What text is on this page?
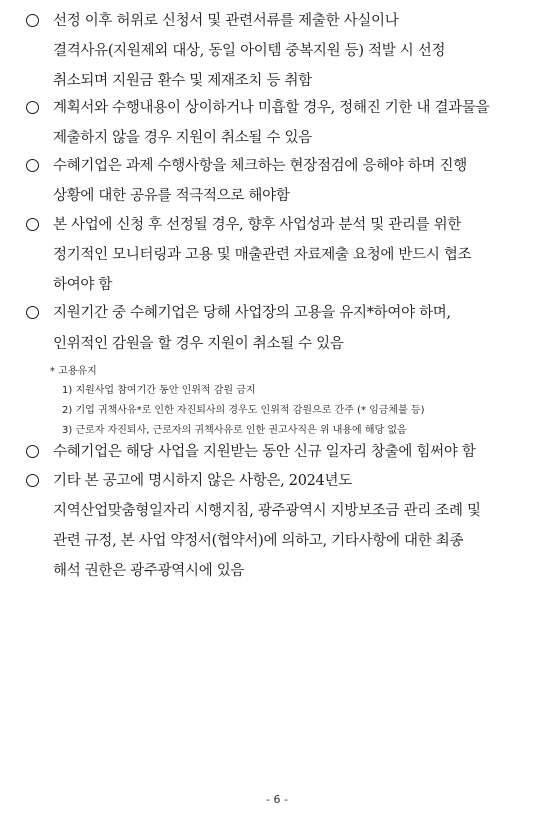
선정 이후 허위로 신청서 및 관련서류를 제출한 사실이나
결격사유(지원제외 대상, 동일 아이템 중복지원 등) 적발 시 선정
취소되며 지원금 환수 및 제재조치 등 취함
계획서와 수행내용이 상이하거나 미흡할 경우, 정해진 기한 내 결과물을
제출하지 않을 경우 지원이 취소될 수 있음
수혜기업은 과제 수행사항을 체크하는 현장점검에 응해야 하며 진행
상황에 대한 공유를 적극적으로 해야함
본 사업에 신청 후 선정될 경우, 향후 사업성과 분석 및 관리를 위한
정기적인 모니터링과 고용 및 매출관련 자료제출 요청에 반드시 협조
하여야 함
지원기간 중 수혜기업은 당해 사업장의 고용을 유지*하여야 하며,
인위적인 감원을 할 경우 지원이 취소될 수 있음
* 고용유지
1) 지원사업 참여기간 동안 인위적 감원 금지
2) 기업 귀책사유*로 인한 자진퇴사의 경우도 인위적 감원으로 간주 (* 임금체불 등)
3) 근로자 자진퇴사, 근로자의 귀책사유로 인한 권고사직은 위 내용에 해당 없음
수혜기업은 해당 사업을 지원받는 동안 신규 일자리 창출에 힘써야 함
기타 본 공고에 명시하지 않은 사항은, 2024년도
지역산업맞춤형일자리 시행지침, 광주광역시 지방보조금 관리 조례 및
관련 규정, 본 사업 약정서(협약서)에 의하고, 기타사항에 대한 최종
해석 권한은 광주광역시에 있음
- 6 -
